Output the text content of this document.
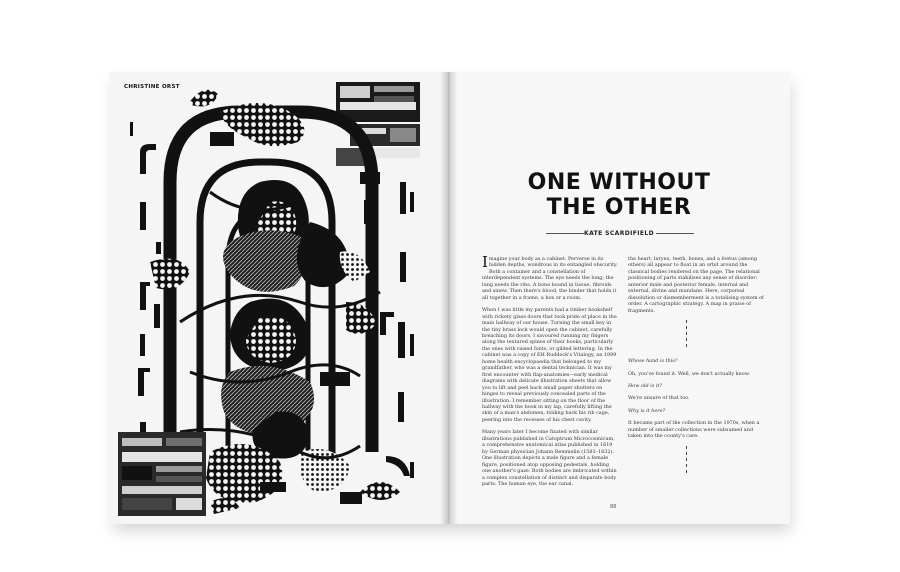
CHRISTINE ORST
ONE WITHOUT
THE OTHER
KATE SCARDIFIELD

Imagine your body as a cabinet. Perverse in its hidden depths, wondrous in its entangled obscurity. Both a container and a constellation of interdependent systems. The eye needs the lung; the lung needs the ribs. A bone bound in tissue, fibroids and sinew. Then there's blood, the binder that holds it all together in a frame, a box or a room.

When I was little my parents had a timber bookshelf with rickety glass doors that took pride of place in the main hallway of our house. Turning the small key in the tiny brass lock would open the cabinet, carefully breaching its doors. I savoured running my fingers along the textured spines of their books, particularly the ones with raised fonts, or gilded lettering. In the cabinet was a copy of EH Ruddock's Vitalogy, an 1899 home health encyclopaedia that belonged to my grandfather, who was a dental technician. It was my first encounter with flap-anatomies—early medical diagrams with delicate illustration sheets that allow you to lift and peel back small paper shutters on hinges to reveal previously concealed parts of the illustration. I remember sitting on the floor of the hallway with the book in my lap, carefully lifting the skin of a man's abdomen, folding back his rib cage, peering into the recesses of his chest cavity.

Many years later I become fixated with similar illustrations published in Catoptrum Microcosmicum, a comprehensive anatomical atlas published in 1619 by German physician Johann Remmelin (1583–1632). One illustration depicts a male figure and a female figure, positioned atop opposing pedestals, holding one another's gaze. Both bodies are imbricated within a complex constellation of distinct and disparate body parts. The human eye, the ear canal,

the heart, larynx, teeth, bones, and a foetus (among others) all appear to float in an orbit around the classical bodies rendered on the page. The relational positioning of parts stabilises any sense of disorder: anterior male and posterior female, internal and external, divine and mundane. Here, corporeal dissolution or dismemberment is a totalising system of order. A cartographic strategy. A map in praise of fragments.

Whose hand is this?

Oh, you've found it. Well, we don't actually know.

How old is it?

We're unsure of that too.

Why is it here?

It became part of the collection in the 1970s, when a number of smaller collections were subsumed and taken into the county's care.

88
